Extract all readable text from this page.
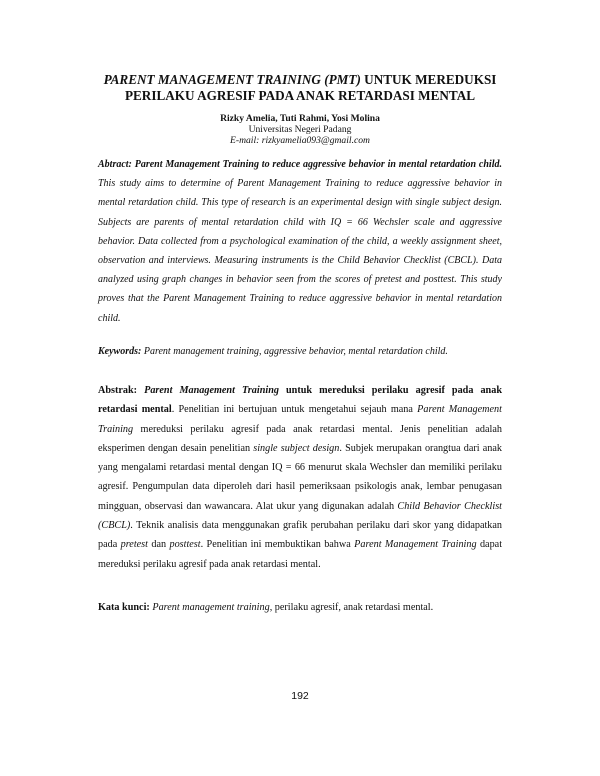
PARENT MANAGEMENT TRAINING (PMT) UNTUK MEREDUKSI
PERILAKU AGRESIF PADA ANAK RETARDASI MENTAL
Rizky Amelia, Tuti Rahmi, Yosi Molina
Universitas Negeri Padang
E-mail: rizkyamelia093@gmail.com
Abtract: Parent Management Training to reduce aggressive behavior in mental retardation child. This study aims to determine of Parent Management Training to reduce aggressive behavior in mental retardation child. This type of research is an experimental design with single subject design. Subjects are parents of mental retardation child with IQ = 66 Wechsler scale and aggressive behavior. Data collected from a psychological examination of the child, a weekly assignment sheet, observation and interviews. Measuring instruments is the Child Behavior Checklist (CBCL). Data analyzed using graph changes in behavior seen from the scores of pretest and posttest. This study proves that the Parent Management Training to reduce aggressive behavior in mental retardation child.
Keywords: Parent management training, aggressive behavior, mental retardation child.
Abstrak: Parent Management Training untuk mereduksi perilaku agresif pada anak retardasi mental. Penelitian ini bertujuan untuk mengetahui sejauh mana Parent Management Training mereduksi perilaku agresif pada anak retardasi mental. Jenis penelitian adalah eksperimen dengan desain penelitian single subject design. Subjek merupakan orangtua dari anak yang mengalami retardasi mental dengan IQ = 66 menurut skala Wechsler dan memiliki perilaku agresif. Pengumpulan data diperoleh dari hasil pemeriksaan psikologis anak, lembar penugasan mingguan, observasi dan wawancara. Alat ukur yang digunakan adalah Child Behavior Checklist (CBCL). Teknik analisis data menggunakan grafik perubahan perilaku dari skor yang didapatkan pada pretest dan posttest. Penelitian ini membuktikan bahwa Parent Management Training dapat mereduksi perilaku agresif pada anak retardasi mental.
Kata kunci: Parent management training, perilaku agresif, anak retardasi mental.
192
